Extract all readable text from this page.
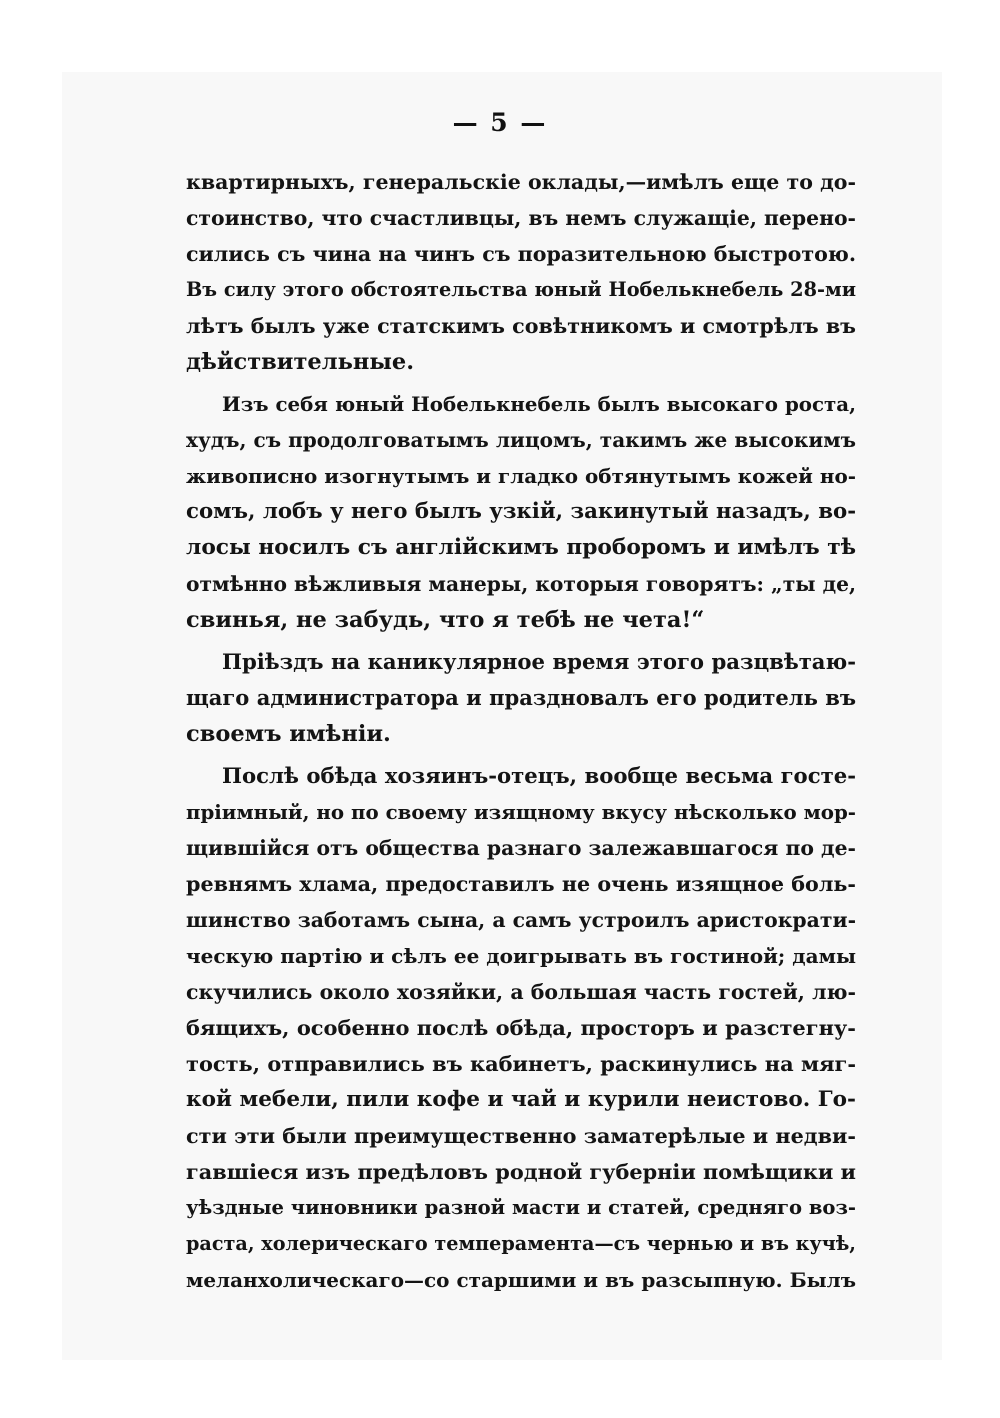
— 5 —
квартирныхъ, генеральскіе оклады,—имѣлъ еще то до-
стоинство, что счастливцы, въ немъ служащіе, перено-
сились съ чина на чинъ съ поразительною быстротою.
Въ силу этого обстоятельства юный Нобелькнебель 28-ми
лѣтъ былъ уже статскимъ совѣтникомъ и смотрѣлъ въ
дѣйствительные.
Изъ себя юный Нобелькнебель былъ высокаго роста,
худъ, съ продолговатымъ лицомъ, такимъ же высокимъ
живописно изогнутымъ и гладко обтянутымъ кожей но-
сомъ, лобъ у него былъ узкій, закинутый назадъ, во-
лосы носилъ съ англійскимъ проборомъ и имѣлъ тѣ
отмѣнно вѣжливыя манеры, которыя говорятъ: „ты де,
свинья, не забудь, что я тебѣ не чета!“
Пріѣздъ на каникулярное время этого разцвѣтаю-
щаго администратора и праздновалъ его родитель въ
своемъ имѣніи.
Послѣ обѣда хозяинъ-отецъ, вообще весьма госте-
пріимный, но по своему изящному вкусу нѣсколько мор-
щившійся отъ общества разнаго залежавшагося по де-
ревнямъ хлама, предоставилъ не очень изящное боль-
шинство заботамъ сына, а самъ устроилъ аристократи-
ческую партію и сѣлъ ее доигрывать въ гостиной; дамы
скучились около хозяйки, а большая часть гостей, лю-
бящихъ, особенно послѣ обѣда, просторъ и разстегну-
тость, отправились въ кабинетъ, раскинулись на мяг-
кой мебели, пили кофе и чай и курили неистово. Го-
сти эти были преимущественно заматерѣлые и недви-
гавшіеся изъ предѣловъ родной губерніи помѣщики и
уѣздные чиновники разной масти и статей, средняго воз-
раста, холерическаго темперамента—съ чернью и въ кучѣ,
меланхолическаго—со старшими и въ разсыпную. Былъ
